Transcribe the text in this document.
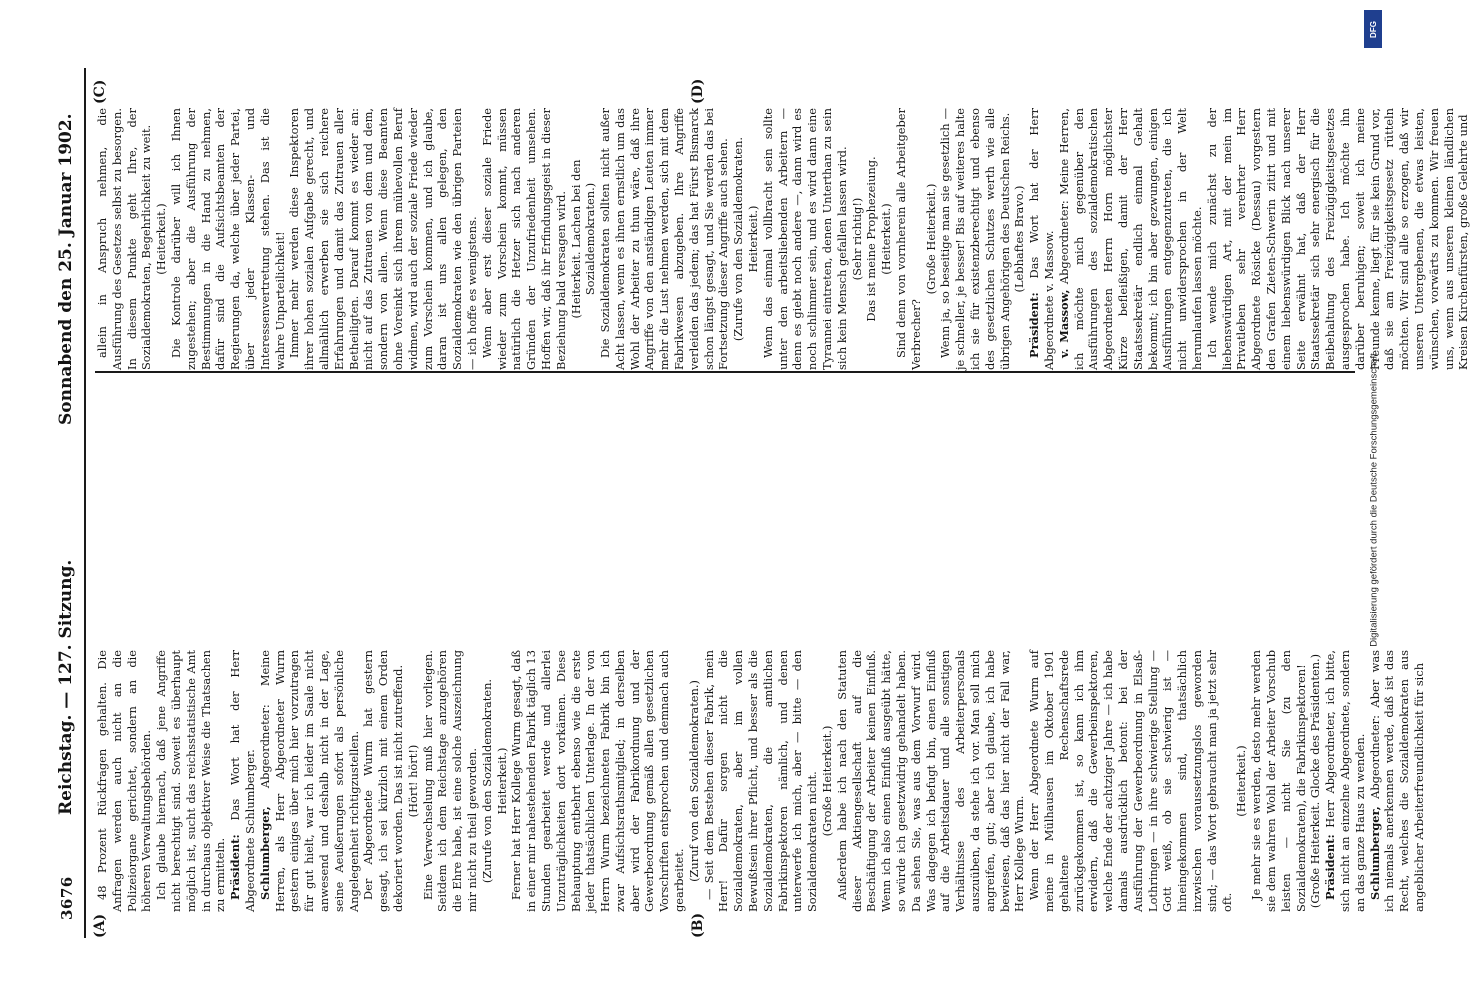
3676
Reichstag. — 127. Sitzung.
Sonnabend den 25. Januar 1902.
(A)	(B)
(C)	(D)

48 Prozent Rückfragen gehalten. Die Anfragen werden auch nicht an die Polizeiorgane gerichtet, sondern an die höheren Verwaltungsbehörden. Ich glaube hiernach, daß jene Angriffe nicht berechtigt sind. Soweit es überhaupt möglich ist, sucht das reichsstatistische Amt in durchaus objektiver Weise die Thatsachen zu ermitteln. Präsident: Das Wort hat der Herr Abgeordnete Schlumberger. Schlumberger, Abgeordneter: Meine Herren, als Herr Abgeordneter Wurm gestern einiges über mich hier vorzutragen für gut hielt, war ich leider im Saale nicht anwesend und deshalb nicht in der Lage, seine Aeußerungen sofort als persönliche Angelegenheit richtigzustellen. Der Abgeordnete Wurm hat gestern gesagt, ich sei kürzlich mit einem Orden dekoriert worden. Das ist nicht zutreffend. (Hört! hört!) Eine Verwechselung muß hier vorliegen. Seitdem ich dem Reichstage anzugehören die Ehre habe, ist eine solche Auszeichnung mir nicht zu theil geworden. (Zurufe von den Sozialdemokraten. Heiterkeit.) Ferner hat Herr Kollege Wurm gesagt, daß in einer mir nahestehenden Fabrik täglich 13 Stunden gearbeitet werde und allerlei Unzuträglichkeiten dort vorkämen. Diese Behauptung entbehrt ebenso wie die erste jeder thatsächlichen Unterlage. In der von Herrn Wurm bezeichneten Fabrik bin ich zwar Aufsichtsrathsmitglied; in derselben aber wird der Fabrikordnung und der Gewerbeordnung gemäß allen gesetzlichen Vorschriften entsprochen und demnach auch gearbeitet. (Zuruf von den Sozialdemokraten.) — Seit dem Bestehen dieser Fabrik, mein Herr! Dafür sorgen nicht die Sozialdemokraten, aber im vollen Bewußtsein ihrer Pflicht, und besser als die Sozialdemokraten, die amtlichen Fabrikinspektoren nämlich, und denen unterwerfe ich mich, aber — bitte — den Sozialdemokraten nicht. (Große Heiterkeit.) Außerdem habe ich nach den Statuten dieser Aktiengesellschaft auf die Beschäftigung der Arbeiter keinen Einfluß. Wenn ich also einen Einfluß ausgeübt hätte, so würde ich gesetzwidrig gehandelt haben. Da sehen Sie, was aus dem Vorwurf wird. Was dagegen ich befugt bin, einen Einfluß auf die Arbeitsdauer und alle sonstigen Verhältnisse des Arbeiterpersonals auszuüben, da stehe ich vor. Man soll mich angreifen, gut; aber ich glaube, ich habe bewiesen, daß das hier nicht der Fall war, Herr Kollege Wurm. Wenn der Herr Abgeordnete Wurm auf meine in Mülhausen im Oktober 1901 gehaltene Rechenschaftsrede zurückgekommen ist, so kann ich ihm erwidern, daß die Gewerbeinspektoren, welche Ende der achtziger Jahre — ich habe damals ausdrücklich betont: bei der Ausführung der Gewerbeordnung in Elsaß-Lothringen — in ihre schwierige Stellung — Gott weiß, ob sie schwierig ist — hineingekommen sind, thatsächlich inzwischen voraussetzungslos geworden sind; — das Wort gebraucht man ja jetzt sehr oft.

(Heiterkeit.) Je mehr sie es werden, desto mehr werden sie dem wahren Wohl der Arbeiter Vorschub leisten — nicht Sie (zu den Sozialdemokraten), die Fabrikinspektoren! (Große Heiterkeit. Glocke des Präsidenten.) Präsident: Herr Abgeordneter, ich bitte, sich nicht an einzelne Abgeordnete, sondern an das ganze Haus zu wenden. Schlumberger, Abgeordneter: Aber was ich niemals anerkennen werde, daß ist das Recht, welches die Sozialdemokraten aus angeblicher Arbeiterfreundlichkeit für sich

allein in Anspruch nehmen, die Ausführung des Gesetzes selbst zu besorgen. In diesem Punkte geht Ihre, der Sozialdemokraten, Begehrlichkeit zu weit. (Heiterkeit.) Die Kontrole darüber will ich Ihnen zugestehen; aber die Ausführung der Bestimmungen in die Hand zu nehmen, dafür sind die Aufsichtsbeamten der Regierungen da, welche über jeder Partei, über jeder Klassen- und Interessenvertretung stehen. Das ist die wahre Unparteilichkeit! Immer mehr werden diese Inspektoren ihrer hohen sozialen Aufgabe gerecht, und allmählich erwerben sie sich reichere Erfahrungen und damit das Zutrauen aller Betheiligten. Darauf kommt es wieder an: nicht auf das Zutrauen von dem und dem, sondern von allen. Wenn diese Beamten ohne Voreinkt sich ihrem mühevollen Beruf widmen, wird auch der soziale Friede wieder zum Vorschein kommen, und ich glaube, daran ist uns allen gelegen, den Sozialdemokraten wie den übrigen Parteien — ich hoffe es wenigstens. Wenn aber erst dieser soziale Friede wieder zum Vorschein kommt, müssen natürlich die Hetzer sich nach anderen Gründen der Unzufriedenheit umsehen. Hoffen wir, daß ihr Erfindungsgeist in dieser Beziehung bald versagen wird. (Heiterkeit. Lachen bei den Sozialdemokraten.) Die Sozialdemokraten sollten nicht außer Acht lassen, wenn es ihnen ernstlich um das Wohl der Arbeiter zu thun wäre, daß ihre Angriffe von den anständigen Leuten immer mehr die Lust nehmen werden, sich mit dem Fabrikwesen abzugeben. Ihre Angriffe verleiden das jedem; das hat Fürst Bismarck schon längst gesagt, und Sie werden das bei Fortsetzung dieser Angriffe auch sehen. (Zurufe von den Sozialdemokraten. Heiterkeit.) Wenn das einmal vollbracht sein sollte unter den arbeitsliebenden Arbeitern — denn es giebt noch andere —, dann wird es noch schlimmer sein, und es wird dann eine Tyrannei eintreten, denen Unterthan zu sein sich kein Mensch gefallen lassen wird. (Sehr richtig!) Das ist meine Prophezeiung. (Heiterkeit.) Sind denn von vornherein alle Arbeitgeber Verbrecher?

(Große Heiterkeit.) Wenn ja, so beseitige man sie gesetzlich — je schneller, je besser! Bis auf weiteres halte ich sie für existenzberechtigt und ebenso des gesetzlichen Schutzes werth wie alle übrigen Angehörigen des Deutschen Reichs. (Lebhaftes Bravo.)

Präsident: Das Wort hat der Herr Abgeordnete v. Massow. v. Massow, Abgeordneter: Meine Herren, ich möchte mich gegenüber den Ausführungen des sozialdemokratischen Abgeordneten Herrn Horn möglichster Kürze befleißigen, damit der Herr Staatssekretär endlich einmal Gehalt bekommt; ich bin aber gezwungen, einigen Ausführungen entgegenzutreten, die ich nicht unwidersprochen in der Welt herumlaufen lassen möchte. Ich wende mich zunächst zu der liebenswürdigen Art, mit der mein im Privatleben sehr verehrter Herr Abgeordnete Rösicke (Dessau) vorgestern den Grafen Zieten-Schwerin zitirt und mit einem liebenswürdigen Blick nach unserer Seite erwähnt hat, daß der Herr Staatssekretär sich sehr energisch für die Beibehaltung des Freizügigkeitsgesetzes ausgesprochen habe. Ich möchte ihn darüber beruhigen; soweit ich meine Freunde kenne, liegt für sie kein Grund vor, daß sie am Freizügigkeitsgesetz rütteln möchten. Wir sind alle so erzogen, daß wir unseren Untergebenen, die etwas leisten, wünschen, vorwärts zu kommen. Wir freuen uns, wenn aus unseren kleinen ländlichen Kreisen Kirchenfürsten, große Gelehrte und

DFG
Digitalisierung gefördert durch die Deutsche Forschungsgemeinschaft
